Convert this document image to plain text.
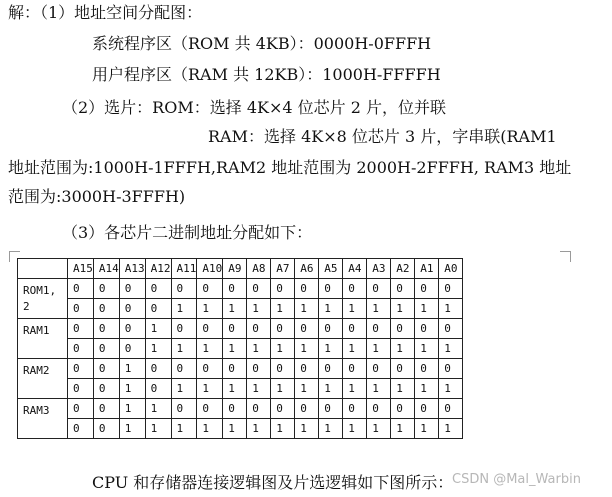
解：（1）地址空间分配图：
系统程序区（ROM 共 4KB）：0000H-0FFFH
用户程序区（RAM 共 12KB）：1000H-FFFFH
（2）选片：ROM：选择 4K×4 位芯片 2 片，位并联
RAM：选择 4K×8 位芯片 3 片，字串联(RAM1
地址范围为:1000H-1FFFH,RAM2 地址范围为 2000H-2FFFH, RAM3 地址
范围为:3000H-3FFFH)
（3）各芯片二进制地址分配如下：
	A15	A14	A13	A12	A11	A10	A9	A8	A7	A6	A5	A4	A3	A2	A1	A0
ROM1, 2	0	0	0	0	0	0	0	0	0	0	0	0	0	0	0	0
	0	0	0	0	1	1	1	1	1	1	1	1	1	1	1	1
RAM1	0	0	0	1	0	0	0	0	0	0	0	0	0	0	0	0
	0	0	0	1	1	1	1	1	1	1	1	1	1	1	1	1
RAM2	0	0	1	0	0	0	0	0	0	0	0	0	0	0	0	0
	0	0	1	0	1	1	1	1	1	1	1	1	1	1	1	1
RAM3	0	0	1	1	0	0	0	0	0	0	0	0	0	0	0	0
	0	0	1	1	1	1	1	1	1	1	1	1	1	1	1	1
CPU 和存储器连接逻辑图及片选逻辑如下图所示：
CSDN @Mal_Warbin
